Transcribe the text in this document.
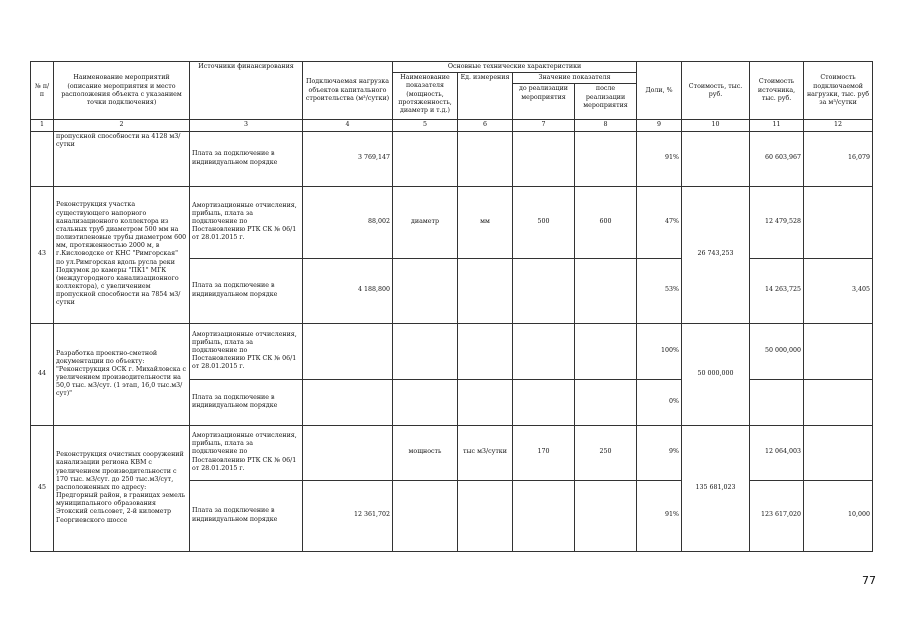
№ п/п	Наименование мероприятий (описание мероприятия и место расположения объекта с указанием точки подключения)	Источники финансирования	Подключаемая нагрузка объектов капитального строительства (м³/сутки)	Основные технические характеристики				Доли, %	Стоимость, тыс. руб.	Стоимость источника, тыс. руб.	Стоимость подключаемой нагрузки, тыс. руб за м³/сутки
				Наименование показателя (мощность, протяженность, диаметр и т.д.)	Ед. измерения	Значение показателя					
						до реализации мероприятия	после реализации мероприятия				
1	2	3	4	5	6	7	8	9	10	11	12
	пропускной способности на 4128 м3/сутки	Плата за подключение в индивидуальном порядке	3 769,147					91%		60 603,967	16,079
43	Реконструкция участка существующего напорного канализационного коллектора из стальных труб диаметром 500 мм на полиэтиленовые трубы диаметром 600 мм, протяженностью 2000 м, в г.Кисловодске от КНС "Римгорская" по ул.Римгорская вдоль русла реки Подкумок до камеры "ПК1" МГК (междугородного канализационного коллектора), с увеличением пропускной способности на 7854 м3/сутки	Амортизационные отчисления, прибыль, плата за подключение по Постановлению РТК СК № 06/1 от 28.01.2015 г.	88,002	диаметр	мм	500	600	47%	26 743,253	12 479,528	
		Плата за подключение в индивидуальном порядке	4 188,800					53%		14 263,725	3,405
44	Разработка проектно-сметной документации по объекту: "Реконструкция ОСК г. Михайловска с увеличением производительности на 50,0 тыс. м3/сут. (1 этап, 16,0 тыс.м3/сут)"	Амортизационные отчисления, прибыль, плата за подключение по Постановлению РТК СК № 06/1 от 28.01.2015 г.						100%	50 000,000	50 000,000	
		Плата за подключение в индивидуальном порядке						0%			
45	Реконструкция очистных сооружений канализации региона КВМ с увеличением производительности с 170 тыс. м3/сут. до 250 тыс.м3/сут, расположенных по адресу: Предгорный район, в границах земель муниципального образования Этокский сельсовет, 2-й километр Георгиевского шоссе	Амортизационные отчисления, прибыль, плата за подключение по Постановлению РТК СК № 06/1 от 28.01.2015 г.		мощность	тыс м3/сутки	170	250	9%	135 681,023	12 064,003	
		Плата за подключение в индивидуальном порядке	12 361,702					91%		123 617,020	10,000
77
